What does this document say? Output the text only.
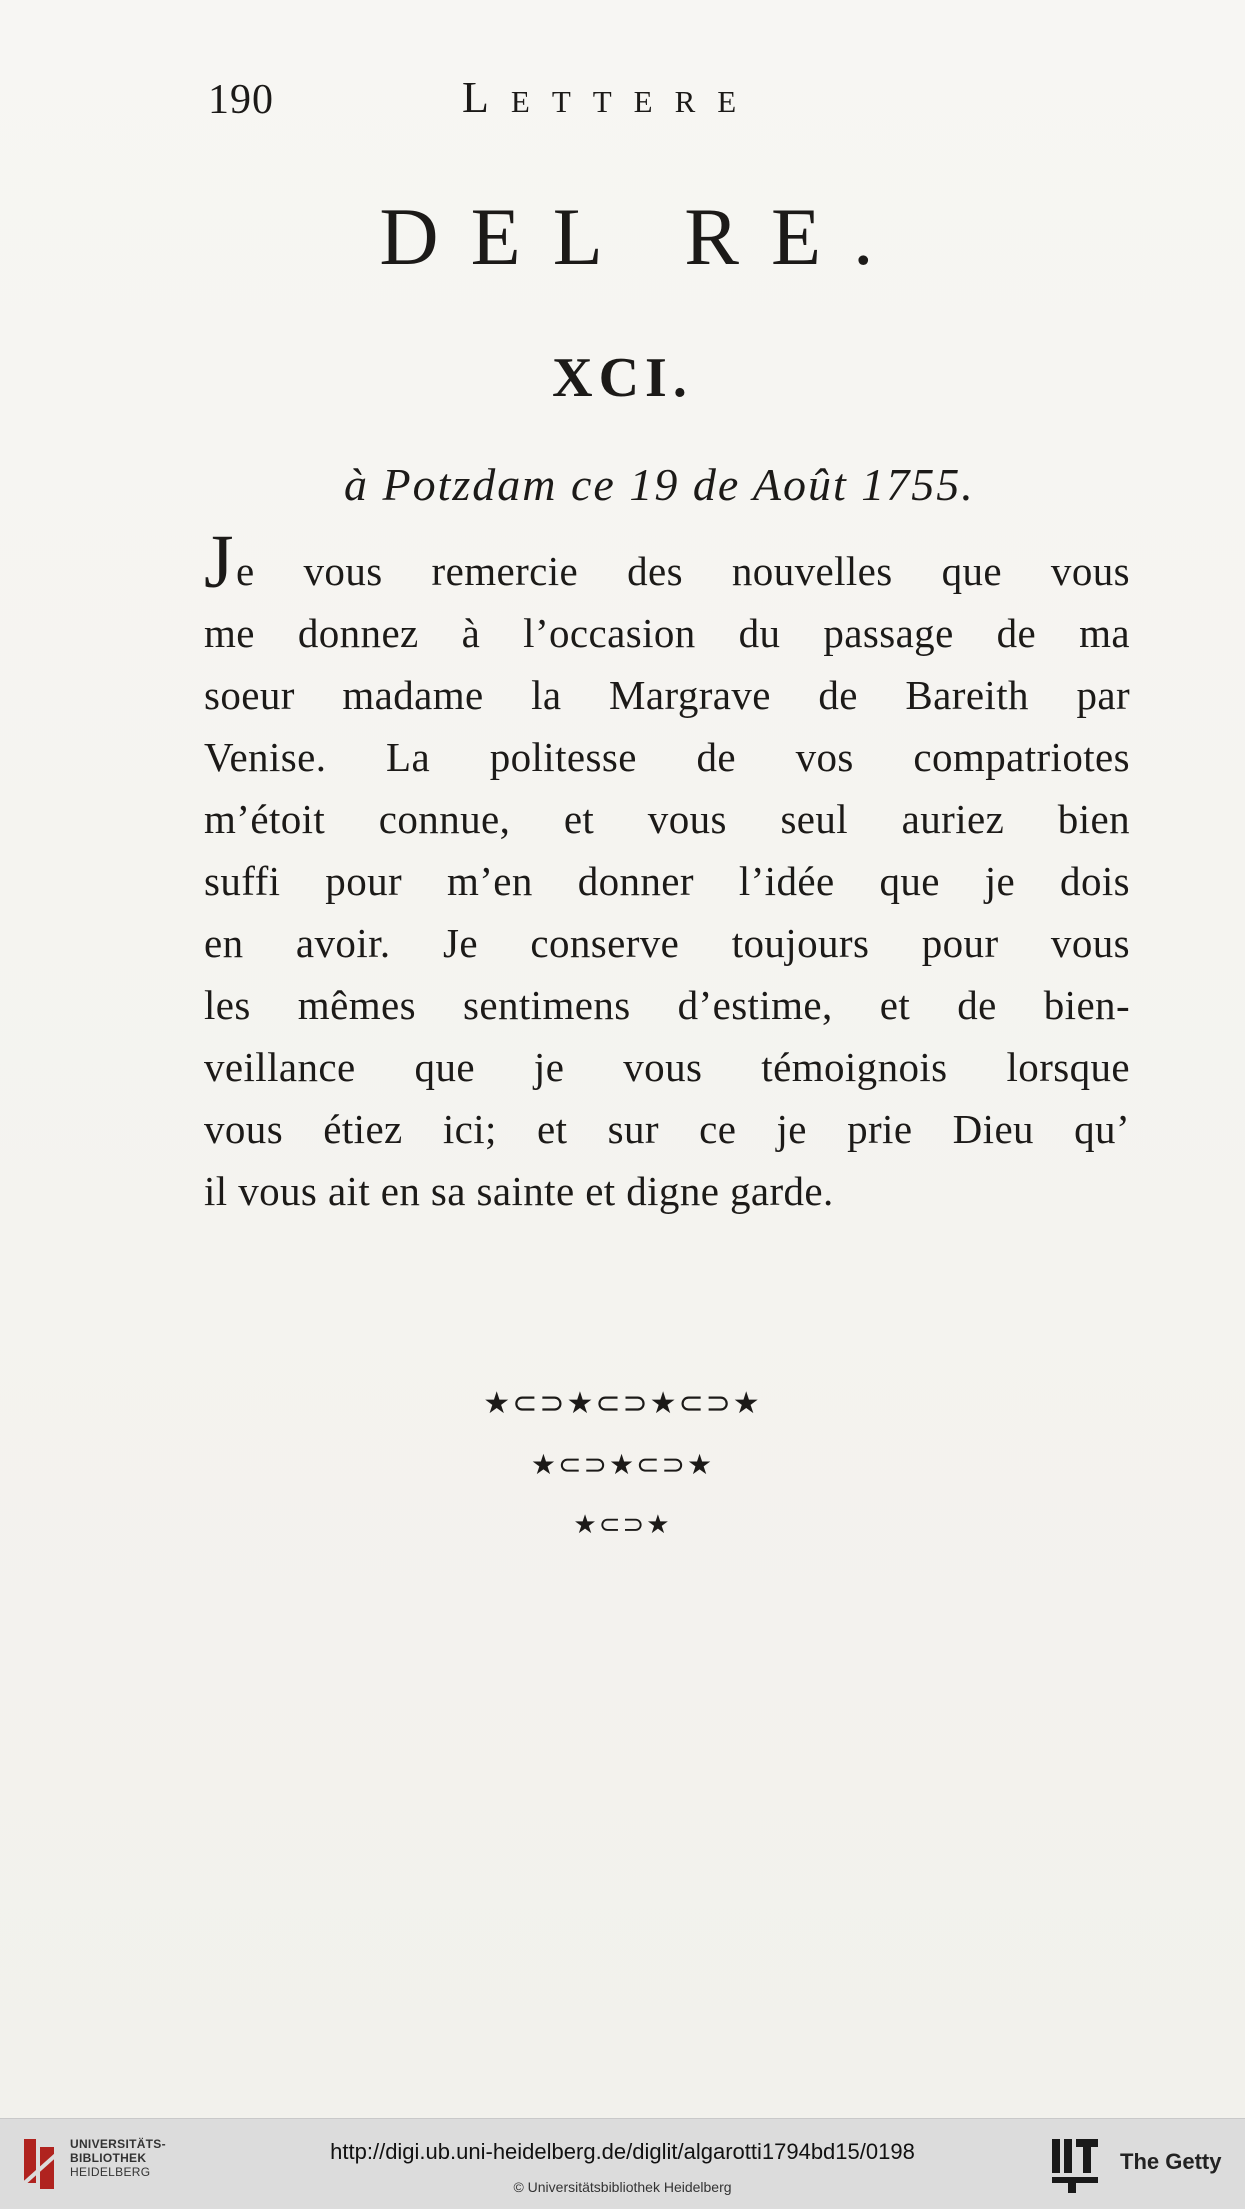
190	Lettere
DEL RE.
XCI.

à Potzdam ce 19 de Août 1755.

Je vous remercie des nouvelles que vous
me donnez à l’occasion du passage de ma
soeur madame la Margrave de Bareith par
Venise. La politesse de vos compatriotes
m’étoit connue, et vous seul auriez bien
suffi pour m’en donner l’idée que je dois
en avoir. Je conserve toujours pour vous
les mêmes sentimens d’estime, et de bien-
veillance que je vous témoignois lorsque
vous étiez ici; et sur ce je prie Dieu qu’
il vous ait en sa sainte et digne garde.
★⊂⊃★⊂⊃★⊂⊃★
★⊂⊃★⊂⊃★
★⊂⊃★
UNIVERSITÄTS-
BIBLIOTHEK
HEIDELBERG
http://digi.ub.uni-heidelberg.de/diglit/algarotti1794bd15/0198
© Universitätsbibliothek Heidelberg
The Getty
